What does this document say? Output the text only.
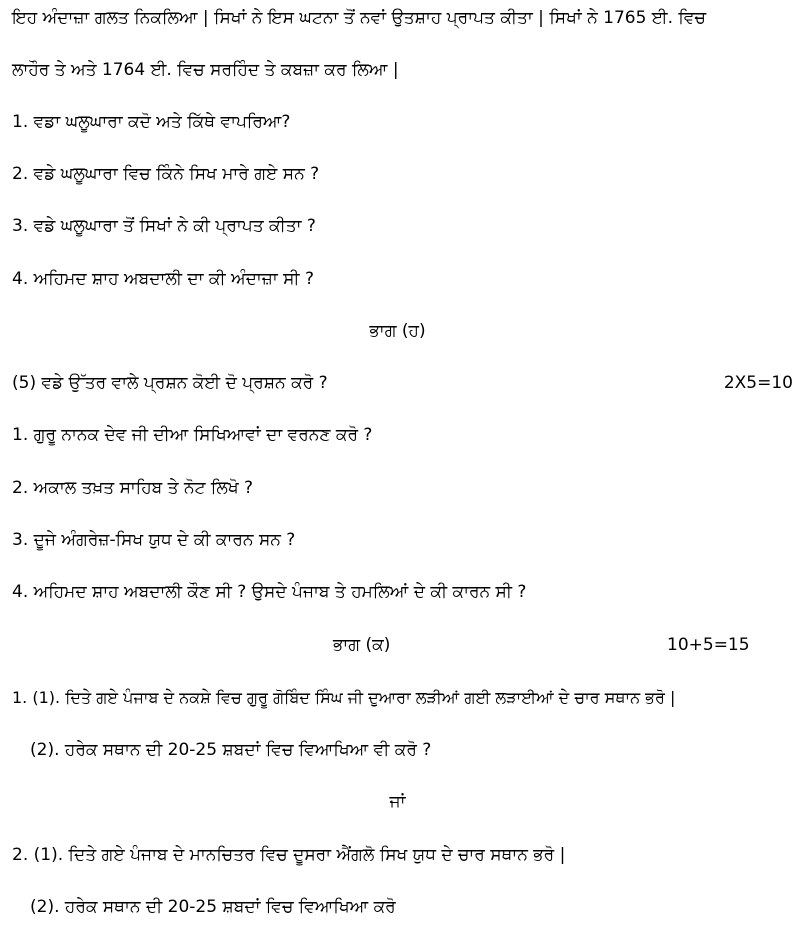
ਇਹ ਅੰਦਾਜ਼ਾ ਗਲਤ ਨਿਕਲਿਆ | ਸਿਖਾਂ ਨੇ ਇਸ ਘਟਨਾ ਤੋਂ ਨਵਾਂ ਉਤਸ਼ਾਹ ਪ੍ਰਾਪਤ ਕੀਤਾ | ਸਿਖਾਂ ਨੇ 1765 ਈ. ਵਿਚ
ਲਾਹੌਰ ਤੇ ਅਤੇ 1764 ਈ. ਵਿਚ ਸਰਹਿੰਦ ਤੇ ਕਬਜ਼ਾ ਕਰ ਲਿਆ |
1. ਵਡਾ ਘਲੂਘਾਰਾ ਕਦੋ ਅਤੇ ਕਿੱਥੇ ਵਾਪਰਿਆ?
2. ਵਡੇ ਘਲੂਘਾਰਾ ਵਿਚ ਕਿੰਨੇ ਸਿਖ ਮਾਰੇ ਗਏ ਸਨ ?
3. ਵਡੇ ਘਲੂਘਾਰਾ ਤੋਂ ਸਿਖਾਂ ਨੇ ਕੀ ਪ੍ਰਾਪਤ ਕੀਤਾ ?
4. ਅਹਿਮਦ ਸ਼ਾਹ ਅਬਦਾਲੀ ਦਾ ਕੀ ਅੰਦਾਜ਼ਾ ਸੀ ?
ਭਾਗ (ਹ)
(5) ਵਡੇ ਉੱਤਰ ਵਾਲੇ ਪ੍ਰਸ਼ਨ ਕੋਈ ਦੋ ਪ੍ਰਸ਼ਨ ਕਰੋ ?	2X5=10
1. ਗੁਰੂ ਨਾਨਕ ਦੇਵ ਜੀ ਦੀਆ ਸਿਖਿਆਵਾਂ ਦਾ ਵਰਨਣ ਕਰੋ ?
2. ਅਕਾਲ ਤਖ਼ਤ ਸਾਹਿਬ ਤੇ ਨੋਟ ਲਿਖੋ ?
3. ਦੂਜੇ ਅੰਗਰੇਜ਼-ਸਿਖ ਯੁਧ ਦੇ ਕੀ ਕਾਰਨ ਸਨ ?
4. ਅਹਿਮਦ ਸ਼ਾਹ ਅਬਦਾਲੀ ਕੌਣ ਸੀ ? ਉਸਦੇ ਪੰਜਾਬ ਤੇ ਹਮਲਿਆਂ ਦੇ ਕੀ ਕਾਰਨ ਸੀ ?
ਭਾਗ (ਕ)	10+5=15
1. (1). ਦਿਤੇ ਗਏ ਪੰਜਾਬ ਦੇ ਨਕਸ਼ੇ ਵਿਚ ਗੁਰੂ ਗੋਬਿੰਦ ਸਿੰਘ ਜੀ ਦੁਆਰਾ ਲੜੀਆਂ ਗਈ ਲੜਾਈਆਂ ਦੇ ਚਾਰ ਸਥਾਨ ਭਰੋ |
(2). ਹਰੇਕ ਸਥਾਨ ਦੀ 20-25 ਸ਼ਬਦਾਂ ਵਿਚ ਵਿਆਖਿਆ ਵੀ ਕਰੋ ?
ਜਾਂ
2. (1). ਦਿਤੇ ਗਏ ਪੰਜਾਬ ਦੇ ਮਾਨਚਿਤਰ ਵਿਚ ਦੂਸਰਾ ਐਂਗਲੋ ਸਿਖ ਯੁਧ ਦੇ ਚਾਰ ਸਥਾਨ ਭਰੋ |
(2). ਹਰੇਕ ਸਥਾਨ ਦੀ 20-25 ਸ਼ਬਦਾਂ ਵਿਚ ਵਿਆਖਿਆ ਕਰੋ
